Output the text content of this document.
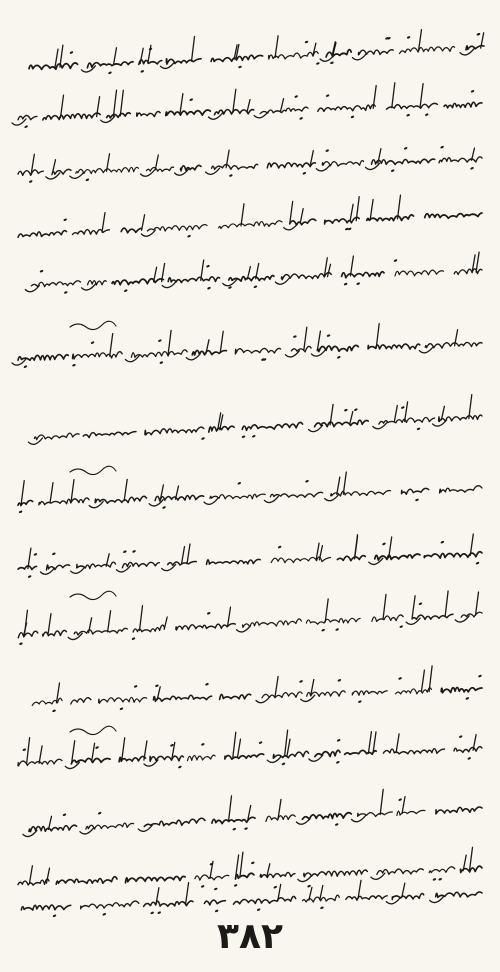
٣٨٢
